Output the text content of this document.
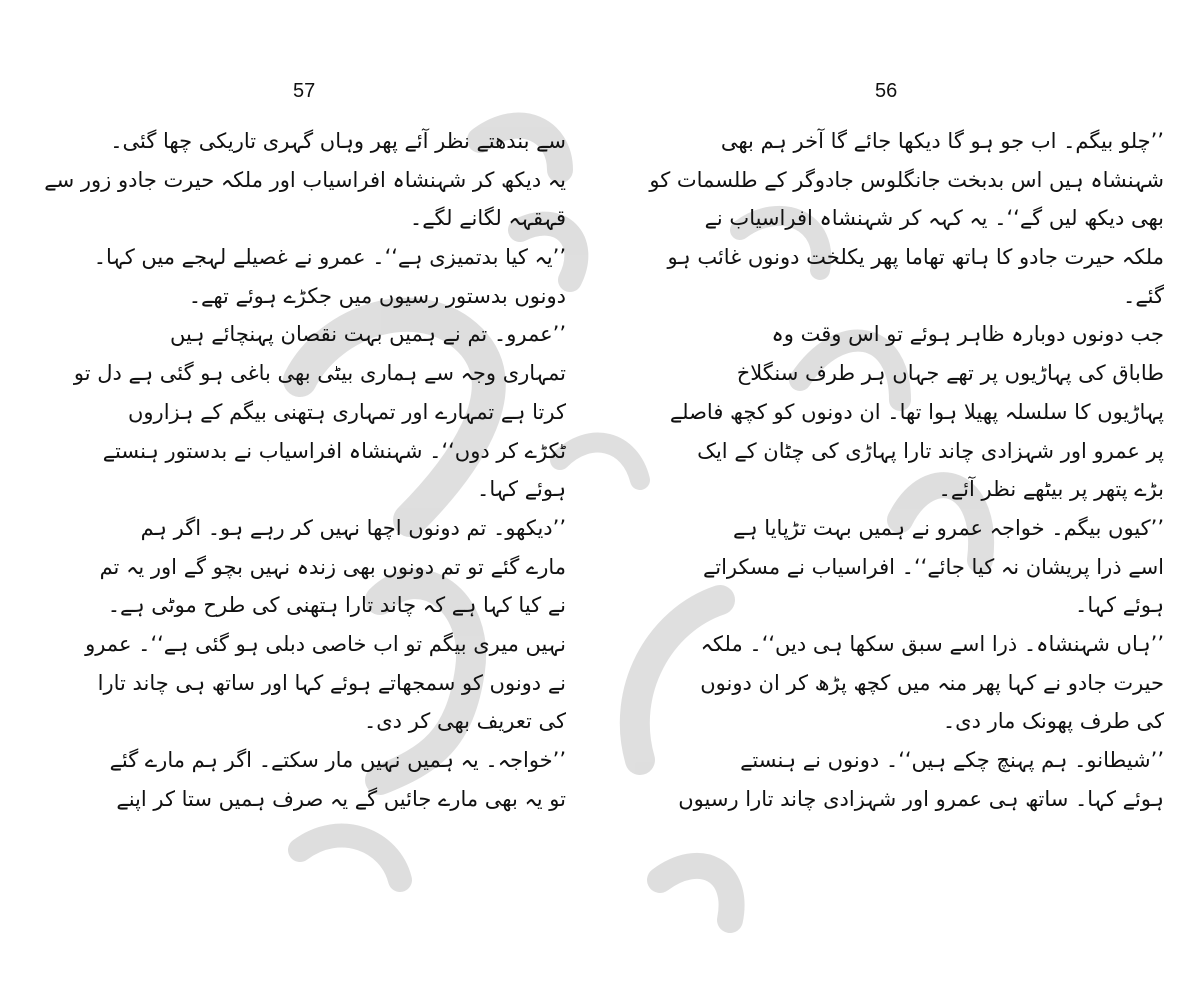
57	56
سے بندھتے نظر آئے پھر وہاں گہری تاریکی چھا گئی۔
یہ دیکھ کر شہنشاہ افراسیاب اور ملکہ حیرت جادو زور سے
قہقہہ لگانے لگے۔
’’یہ کیا بدتمیزی ہے‘‘۔ عمرو نے غصیلے لہجے میں کہا۔
دونوں بدستور رسیوں میں جکڑے ہوئے تھے۔
’’عمرو۔ تم نے ہمیں بہت نقصان پہنچائے ہیں
تمہاری وجہ سے ہماری بیٹی بھی باغی ہو گئی ہے دل تو
کرتا ہے تمہارے اور تمہاری ہتھنی بیگم کے ہزاروں
ٹکڑے کر دوں‘‘۔ شہنشاہ افراسیاب نے بدستور ہنستے
ہوئے کہا۔
’’دیکھو۔ تم دونوں اچھا نہیں کر رہے ہو۔ اگر ہم
مارے گئے تو تم دونوں بھی زندہ نہیں بچو گے اور یہ تم
نے کیا کہا ہے کہ چاند تارا ہتھنی کی طرح موٹی ہے۔
نہیں میری بیگم تو اب خاصی دبلی ہو گئی ہے‘‘۔ عمرو
نے دونوں کو سمجھاتے ہوئے کہا اور ساتھ ہی چاند تارا
کی تعریف بھی کر دی۔
’’خواجہ۔ یہ ہمیں نہیں مار سکتے۔ اگر ہم مارے گئے
تو یہ بھی مارے جائیں گے یہ صرف ہمیں ستا کر اپنے
’’چلو بیگم۔ اب جو ہو گا دیکھا جائے گا آخر ہم بھی
شہنشاہ ہیں اس بدبخت جانگلوس جادوگر کے طلسمات کو
بھی دیکھ لیں گے‘‘۔ یہ کہہ کر شہنشاہ افراسیاب نے
ملکہ حیرت جادو کا ہاتھ تھاما پھر یکلخت دونوں غائب ہو
گئے۔
جب دونوں دوبارہ ظاہر ہوئے تو اس وقت وہ
طاباق کی پہاڑیوں پر تھے جہاں ہر طرف سنگلاخ
پہاڑیوں کا سلسلہ پھیلا ہوا تھا۔ ان دونوں کو کچھ فاصلے
پر عمرو اور شہزادی چاند تارا پہاڑی کی چٹان کے ایک
بڑے پتھر پر بیٹھے نظر آئے۔
’’کیوں بیگم۔ خواجہ عمرو نے ہمیں بہت تڑپایا ہے
اسے ذرا پریشان نہ کیا جائے‘‘۔ افراسیاب نے مسکراتے
ہوئے کہا۔
’’ہاں شہنشاہ۔ ذرا اسے سبق سکھا ہی دیں‘‘۔ ملکہ
حیرت جادو نے کہا پھر منہ میں کچھ پڑھ کر ان دونوں
کی طرف پھونک مار دی۔
’’شیطانو۔ ہم پہنچ چکے ہیں‘‘۔ دونوں نے ہنستے
ہوئے کہا۔ ساتھ ہی عمرو اور شہزادی چاند تارا رسیوں
